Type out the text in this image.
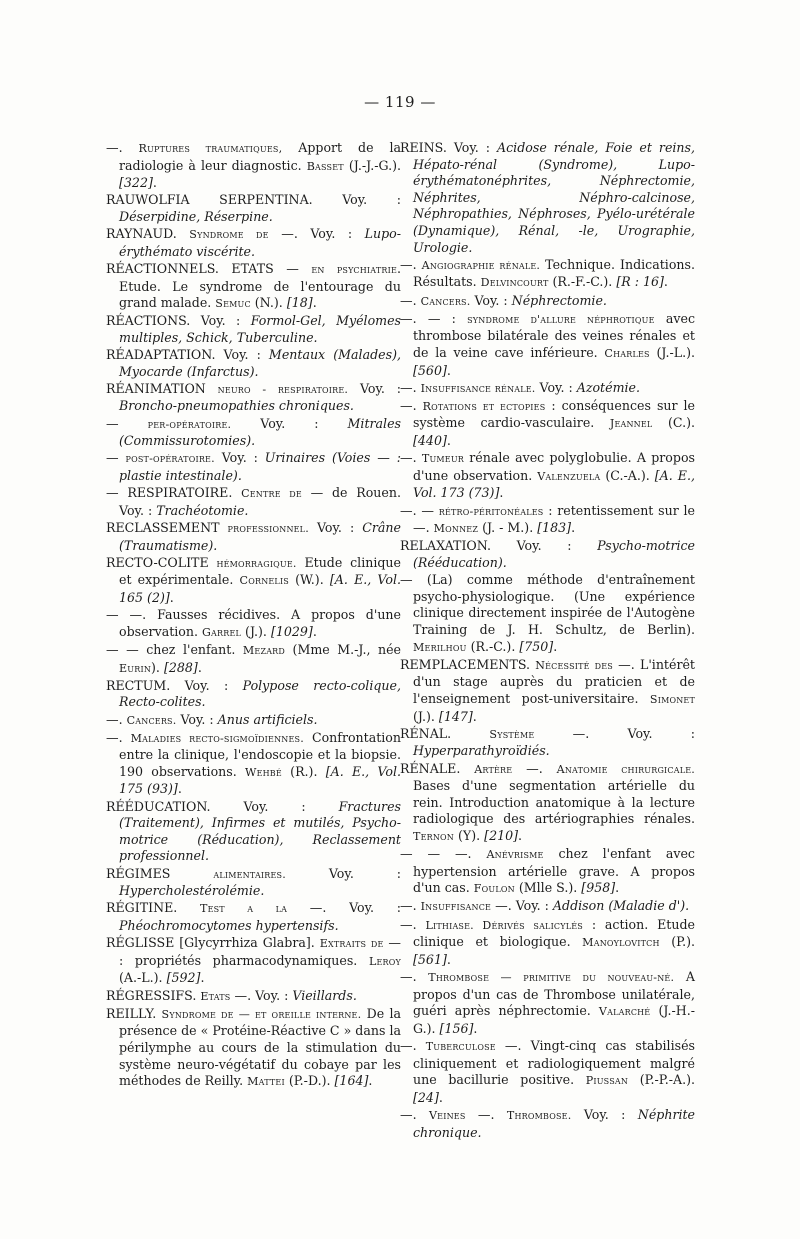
— 119 —

—. Ruptures traumatiques, Apport de la radiologie à leur diagnostic. Basset (J.-J.-G.). [322].

RAUWOLFIA SERPENTINA. Voy. : Déserpidine, Réserpine.

RAYNAUD. Syndrome de —. Voy. : Lupo-érythémato viscérite.

RÉACTIONNELS. ETATS — en psychiatrie. Etude. Le syndrome de l'entourage du grand malade. Semuc (N.). [18].

RÉACTIONS. Voy. : Formol-Gel, Myélomes multiples, Schick, Tuberculine.

RÉADAPTATION. Voy. : Mentaux (Malades), Myocarde (Infarctus).

RÉANIMATION neuro - respiratoire. Voy. : Broncho-pneumopathies chroniques.

— per-opératoire. Voy. : Mitrales (Commissurotomies).

— post-opératoire. Voy. : Urinaires (Voies — : plastie intestinale).

— RESPIRATOIRE. Centre de — de Rouen. Voy. : Trachéotomie.

RECLASSEMENT professionnel. Voy. : Crâne (Traumatisme).

RECTO-COLITE hémorragique. Etude clinique et expérimentale. Cornelis (W.). [A. E., Vol. 165 (2)].

— —. Fausses récidives. A propos d'une observation. Garrel (J.). [1029].

— — chez l'enfant. Mezard (Mme M.-J., née Eurin). [288].

RECTUM. Voy. : Polypose recto-colique, Recto-colites.

—. Cancers. Voy. : Anus artificiels.

—. Maladies recto-sigmoïdiennes. Confrontation entre la clinique, l'endoscopie et la biopsie. 190 observations. Wehbé (R.). [A. E., Vol. 175 (93)].

RÉÉDUCATION. Voy. : Fractures (Traitement), Infirmes et mutilés, Psycho-motrice (Réducation), Reclassement professionnel.

RÉGIMES alimentaires. Voy. : Hypercholestérolémie.

RÉGITINE. Test a la —. Voy. : Phéochromocytomes hypertensifs.

RÉGLISSE [Glycyrrhiza Glabra]. Extraits de — : propriétés pharmacodynamiques. Leroy (A.-L.). [592].

RÉGRESSIFS. Etats —. Voy. : Vieillards.

REILLY. Syndrome de — et oreille interne. De la présence de « Protéine-Réactive C » dans la périlymphe au cours de la stimulation du système neuro-végétatif du cobaye par les méthodes de Reilly. Mattei (P.-D.). [164].

REINS. Voy. : Acidose rénale, Foie et reins, Hépato-rénal (Syndrome), Lupo-érythématonéphrites, Néphrectomie, Néphrites, Néphro-calcinose, Néphropathies, Néphroses, Pyélo-urétérale (Dynamique), Rénal, -le, Urographie, Urologie.

—. Angiographie rénale. Technique. Indications. Résultats. Delvincourt (R.-F.-C.). [R : 16].

—. Cancers. Voy. : Néphrectomie.

—. — : syndrome d'allure néphrotique avec thrombose bilatérale des veines rénales et de la veine cave inférieure. Charles (J.-L.). [560].

—. Insuffisance rénale. Voy. : Azotémie.

—. Rotations et ectopies : conséquences sur le système cardio-vasculaire. Jeannel (C.). [440].

—. Tumeur rénale avec polyglobulie. A propos d'une observation. Valenzuela (C.-A.). [A. E., Vol. 173 (73)].

—. — rétro-péritonéales : retentissement sur le —. Monnez (J. - M.). [183].

RELAXATION. Voy. : Psycho-motrice (Rééducation).

— (La) comme méthode d'entraînement psycho-physiologique. (Une expérience clinique directement inspirée de l'Autogène Training de J. H. Schultz, de Berlin). Merilhou (R.-C.). [750].

REMPLACEMENTS. Nécessité des —. L'intérêt d'un stage auprès du praticien et de l'enseignement post-universitaire. Simonet (J.). [147].

RÉNAL. Système —. Voy. : Hyperparathyroïdiés.

RÉNALE. Artère —. Anatomie chirurgicale. Bases d'une segmentation artérielle du rein. Introduction anatomique à la lecture radiologique des artériographies rénales. Ternon (Y). [210].

— — —. Anévrisme chez l'enfant avec hypertension artérielle grave. A propos d'un cas. Foulon (Mlle S.). [958].

—. Insuffisance —. Voy. : Addison (Maladie d').

—. Lithiase. Dérivés salicylés : action. Etude clinique et biologique. Manoylovitch (P.). [561].

—. Thrombose — primitive du nouveau-né. A propos d'un cas de Thrombose unilatérale, guéri après néphrectomie. Valarché (J.-H.-G.). [156].

—. Tuberculose —. Vingt-cinq cas stabilisés cliniquement et radiologiquement malgré une bacillurie positive. Piussan (P.-P.-A.). [24].

—. Veines —. Thrombose. Voy. : Néphrite chronique.
